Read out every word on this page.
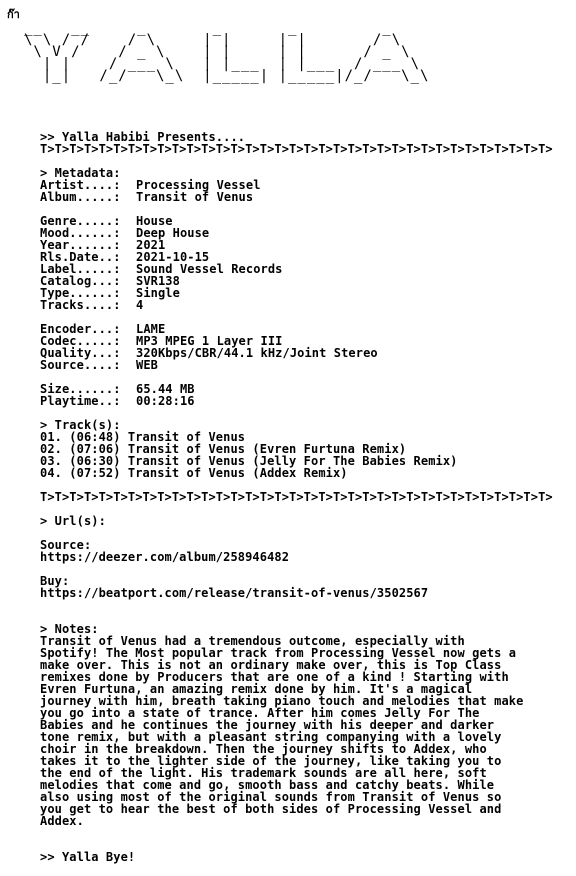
ก๊า
__   __     _       _       _         _
\ \ / /    / \     | |     | |       / \
\ V /    / _ \    | |     | |      / _ \
| |    / ___ \   | |___  | |___  / ___ \
|_|   /_/   \_\  |_____| |_____|/_/   \_\
>> Yalla Habibi Presents....
T>T>T>T>T>T>T>T>T>T>T>T>T>T>T>T>T>T>T>T>T>T>T>T>T>T>T>T>T>T>T>T>T>T>T>
> Metadata:
Artist....: Processing Vessel
Album.....: Transit of Venus
Genre.....: House
Mood......: Deep House
Year......: 2021
Rls.Date..: 2021-10-15
Label.....: Sound Vessel Records
Catalog...: SVR138
Type......: Single
Tracks....: 4
Encoder...: LAME
Codec.....: MP3 MPEG 1 Layer III
Quality...: 320Kbps/CBR/44.1 kHz/Joint Stereo
Source....: WEB
Size......: 65.44 MB
Playtime..: 00:28:16
> Track(s):
01. (06:48) Transit of Venus
02. (07:06) Transit of Venus (Evren Furtuna Remix)
03. (06:30) Transit of Venus (Jelly For The Babies Remix)
04. (07:52) Transit of Venus (Addex Remix)
T>T>T>T>T>T>T>T>T>T>T>T>T>T>T>T>T>T>T>T>T>T>T>T>T>T>T>T>T>T>T>T>T>T>T>
> Url(s):
Source:
https://deezer.com/album/258946482
Buy:
https://beatport.com/release/transit-of-venus/3502567
> Notes:
Transit of Venus had a tremendous outcome, especially with
Spotify! The Most popular track from Processing Vessel now gets a
make over. This is not an ordinary make over, this is Top Class
remixes done by Producers that are one of a kind ! Starting with
Evren Furtuna, an amazing remix done by him. It's a magical
journey with him, breath taking piano touch and melodies that make
you go into a state of trance. After him comes Jelly For The
Babies and he continues the journey with his deeper and darker
tone remix, but with a pleasant string companying with a lovely
choir in the breakdown. Then the journey shifts to Addex, who
takes it to the lighter side of the journey, like taking you to
the end of the light. His trademark sounds are all here, soft
melodies that come and go, smooth bass and catchy beats. While
also using most of the original sounds from Transit of Venus so
you get to hear the best of both sides of Processing Vessel and
Addex.
>> Yalla Bye!
